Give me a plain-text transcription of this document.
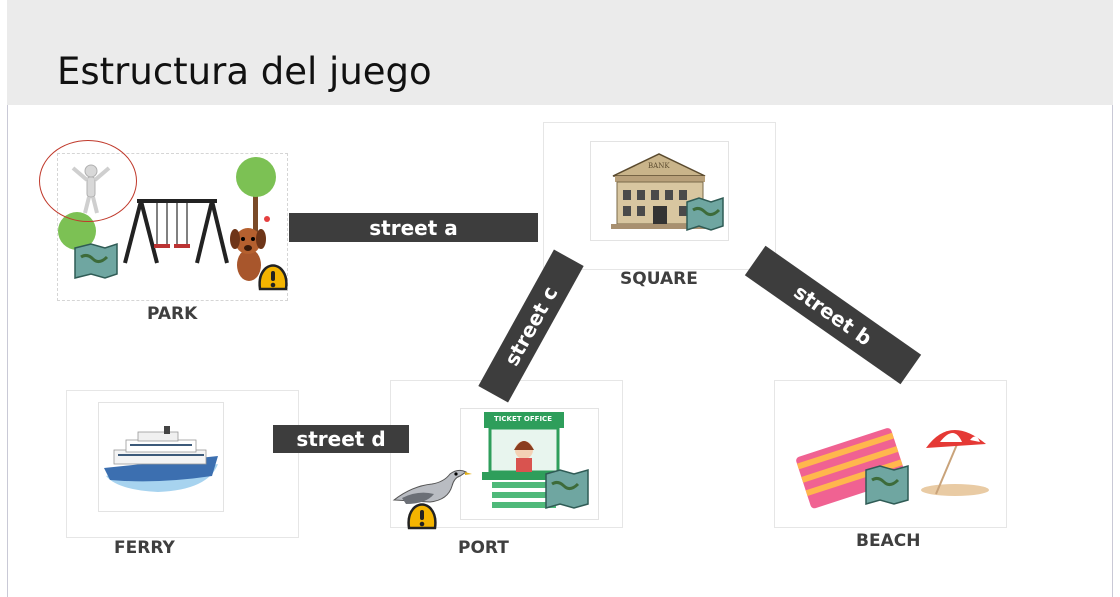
Estructura del juego
PARK
BANK
SQUARE
FERRY
TICKET OFFICE
PORT	BEACH
street a
street d
street c	street b
